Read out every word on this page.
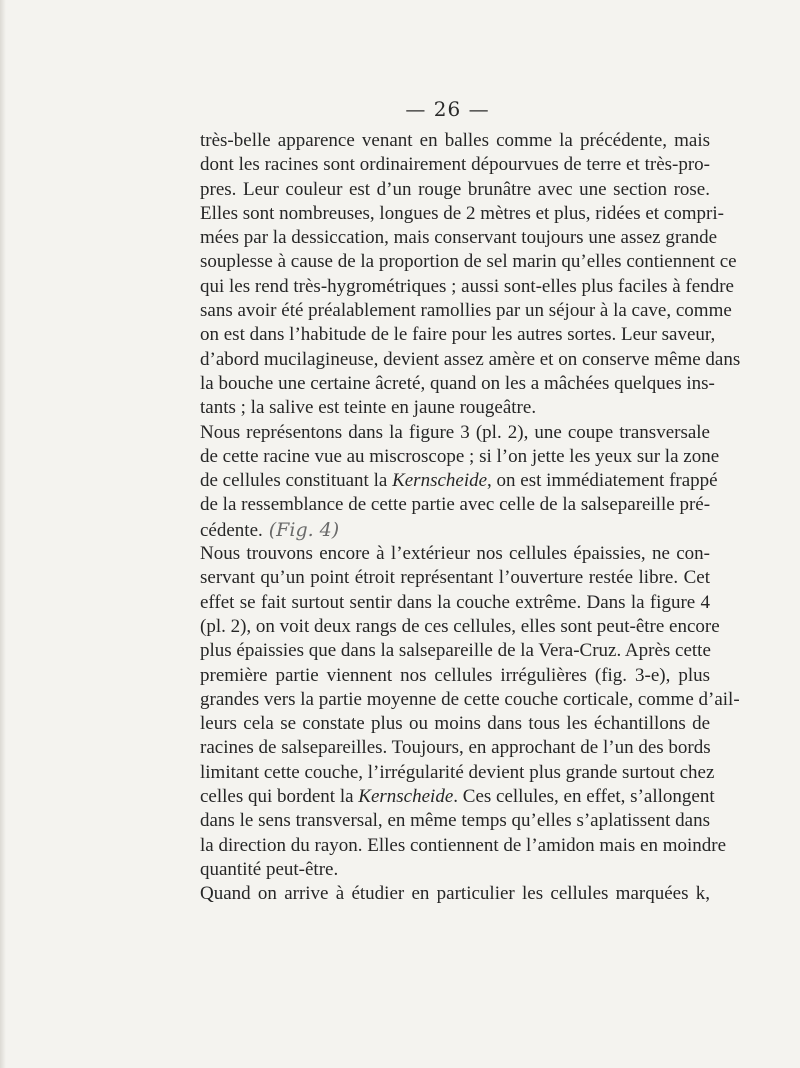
— 26 —
très-belle apparence venant en balles comme la précédente, mais
dont les racines sont ordinairement dépourvues de terre et très-pro-
pres. Leur couleur est d’un rouge brunâtre avec une section rose.
Elles sont nombreuses, longues de 2 mètres et plus, ridées et compri-
mées par la dessiccation, mais conservant toujours une assez grande
souplesse à cause de la proportion de sel marin qu’elles contiennent ce
qui les rend très-hygrométriques ; aussi sont-elles plus faciles à fendre
sans avoir été préalablement ramollies par un séjour à la cave, comme
on est dans l’habitude de le faire pour les autres sortes. Leur saveur,
d’abord mucilagineuse, devient assez amère et on conserve même dans
la bouche une certaine âcreté, quand on les a mâchées quelques ins-
tants ; la salive est teinte en jaune rougeâtre.
Nous représentons dans la figure 3 (pl. 2), une coupe transversale
de cette racine vue au miscroscope ; si l’on jette les yeux sur la zone
de cellules constituant la Kernscheide, on est immédiatement frappé
de la ressemblance de cette partie avec celle de la salsepareille pré-
cédente. (Fig. 4)
Nous trouvons encore à l’extérieur nos cellules épaissies, ne con-
servant qu’un point étroit représentant l’ouverture restée libre. Cet
effet se fait surtout sentir dans la couche extrême. Dans la figure 4
(pl. 2), on voit deux rangs de ces cellules, elles sont peut-être encore
plus épaissies que dans la salsepareille de la Vera-Cruz. Après cette
première partie viennent nos cellules irrégulières (fig. 3-e), plus
grandes vers la partie moyenne de cette couche corticale, comme d’ail-
leurs cela se constate plus ou moins dans tous les échantillons de
racines de salsepareilles. Toujours, en approchant de l’un des bords
limitant cette couche, l’irrégularité devient plus grande surtout chez
celles qui bordent la Kernscheide. Ces cellules, en effet, s’allongent
dans le sens transversal, en même temps qu’elles s’aplatissent dans
la direction du rayon. Elles contiennent de l’amidon mais en moindre
quantité peut-être.
Quand on arrive à étudier en particulier les cellules marquées k,
